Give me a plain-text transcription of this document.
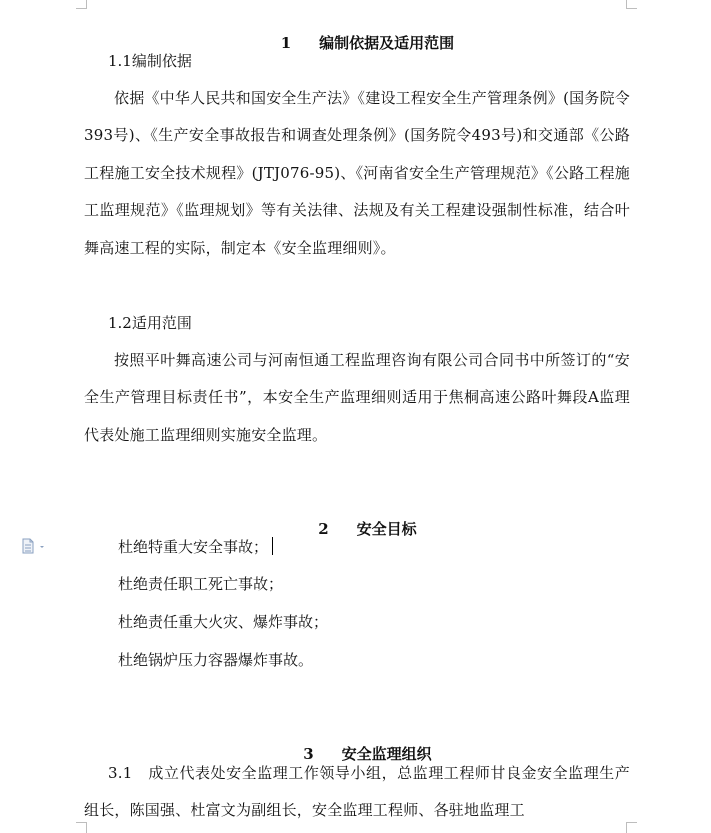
1 编制依据及适用范围

1.1编制依据
依据《中华人民共和国安全生产法》《建设工程安全生产管理条例》(国务院令393号)、《生产安全事故报告和调查处理条例》(国务院令493号)和交通部《公路工程施工安全技术规程》(JTJ076-95)、《河南省安全生产管理规范》《公路工程施工监理规范》《监理规划》等有关法律、法规及有关工程建设强制性标准，结合叶舞高速工程的实际，制定本《安全监理细则》。
1.2适用范围
按照平叶舞高速公司与河南恒通工程监理咨询有限公司合同书中所签订的“安全生产管理目标责任书”，本安全生产监理细则适用于焦桐高速公路叶舞段A监理代表处施工监理细则实施安全监理。

2 安全目标

杜绝特重大安全事故；
杜绝责任职工死亡事故；
杜绝责任重大火灾、爆炸事故；
杜绝锅炉压力容器爆炸事故。

3 安全监理组织

3.1　成立代表处安全监理工作领导小组，总监理工程师甘良金安全监理生产组长，陈国强、杜富文为副组长，安全监理工程师、各驻地监理工
